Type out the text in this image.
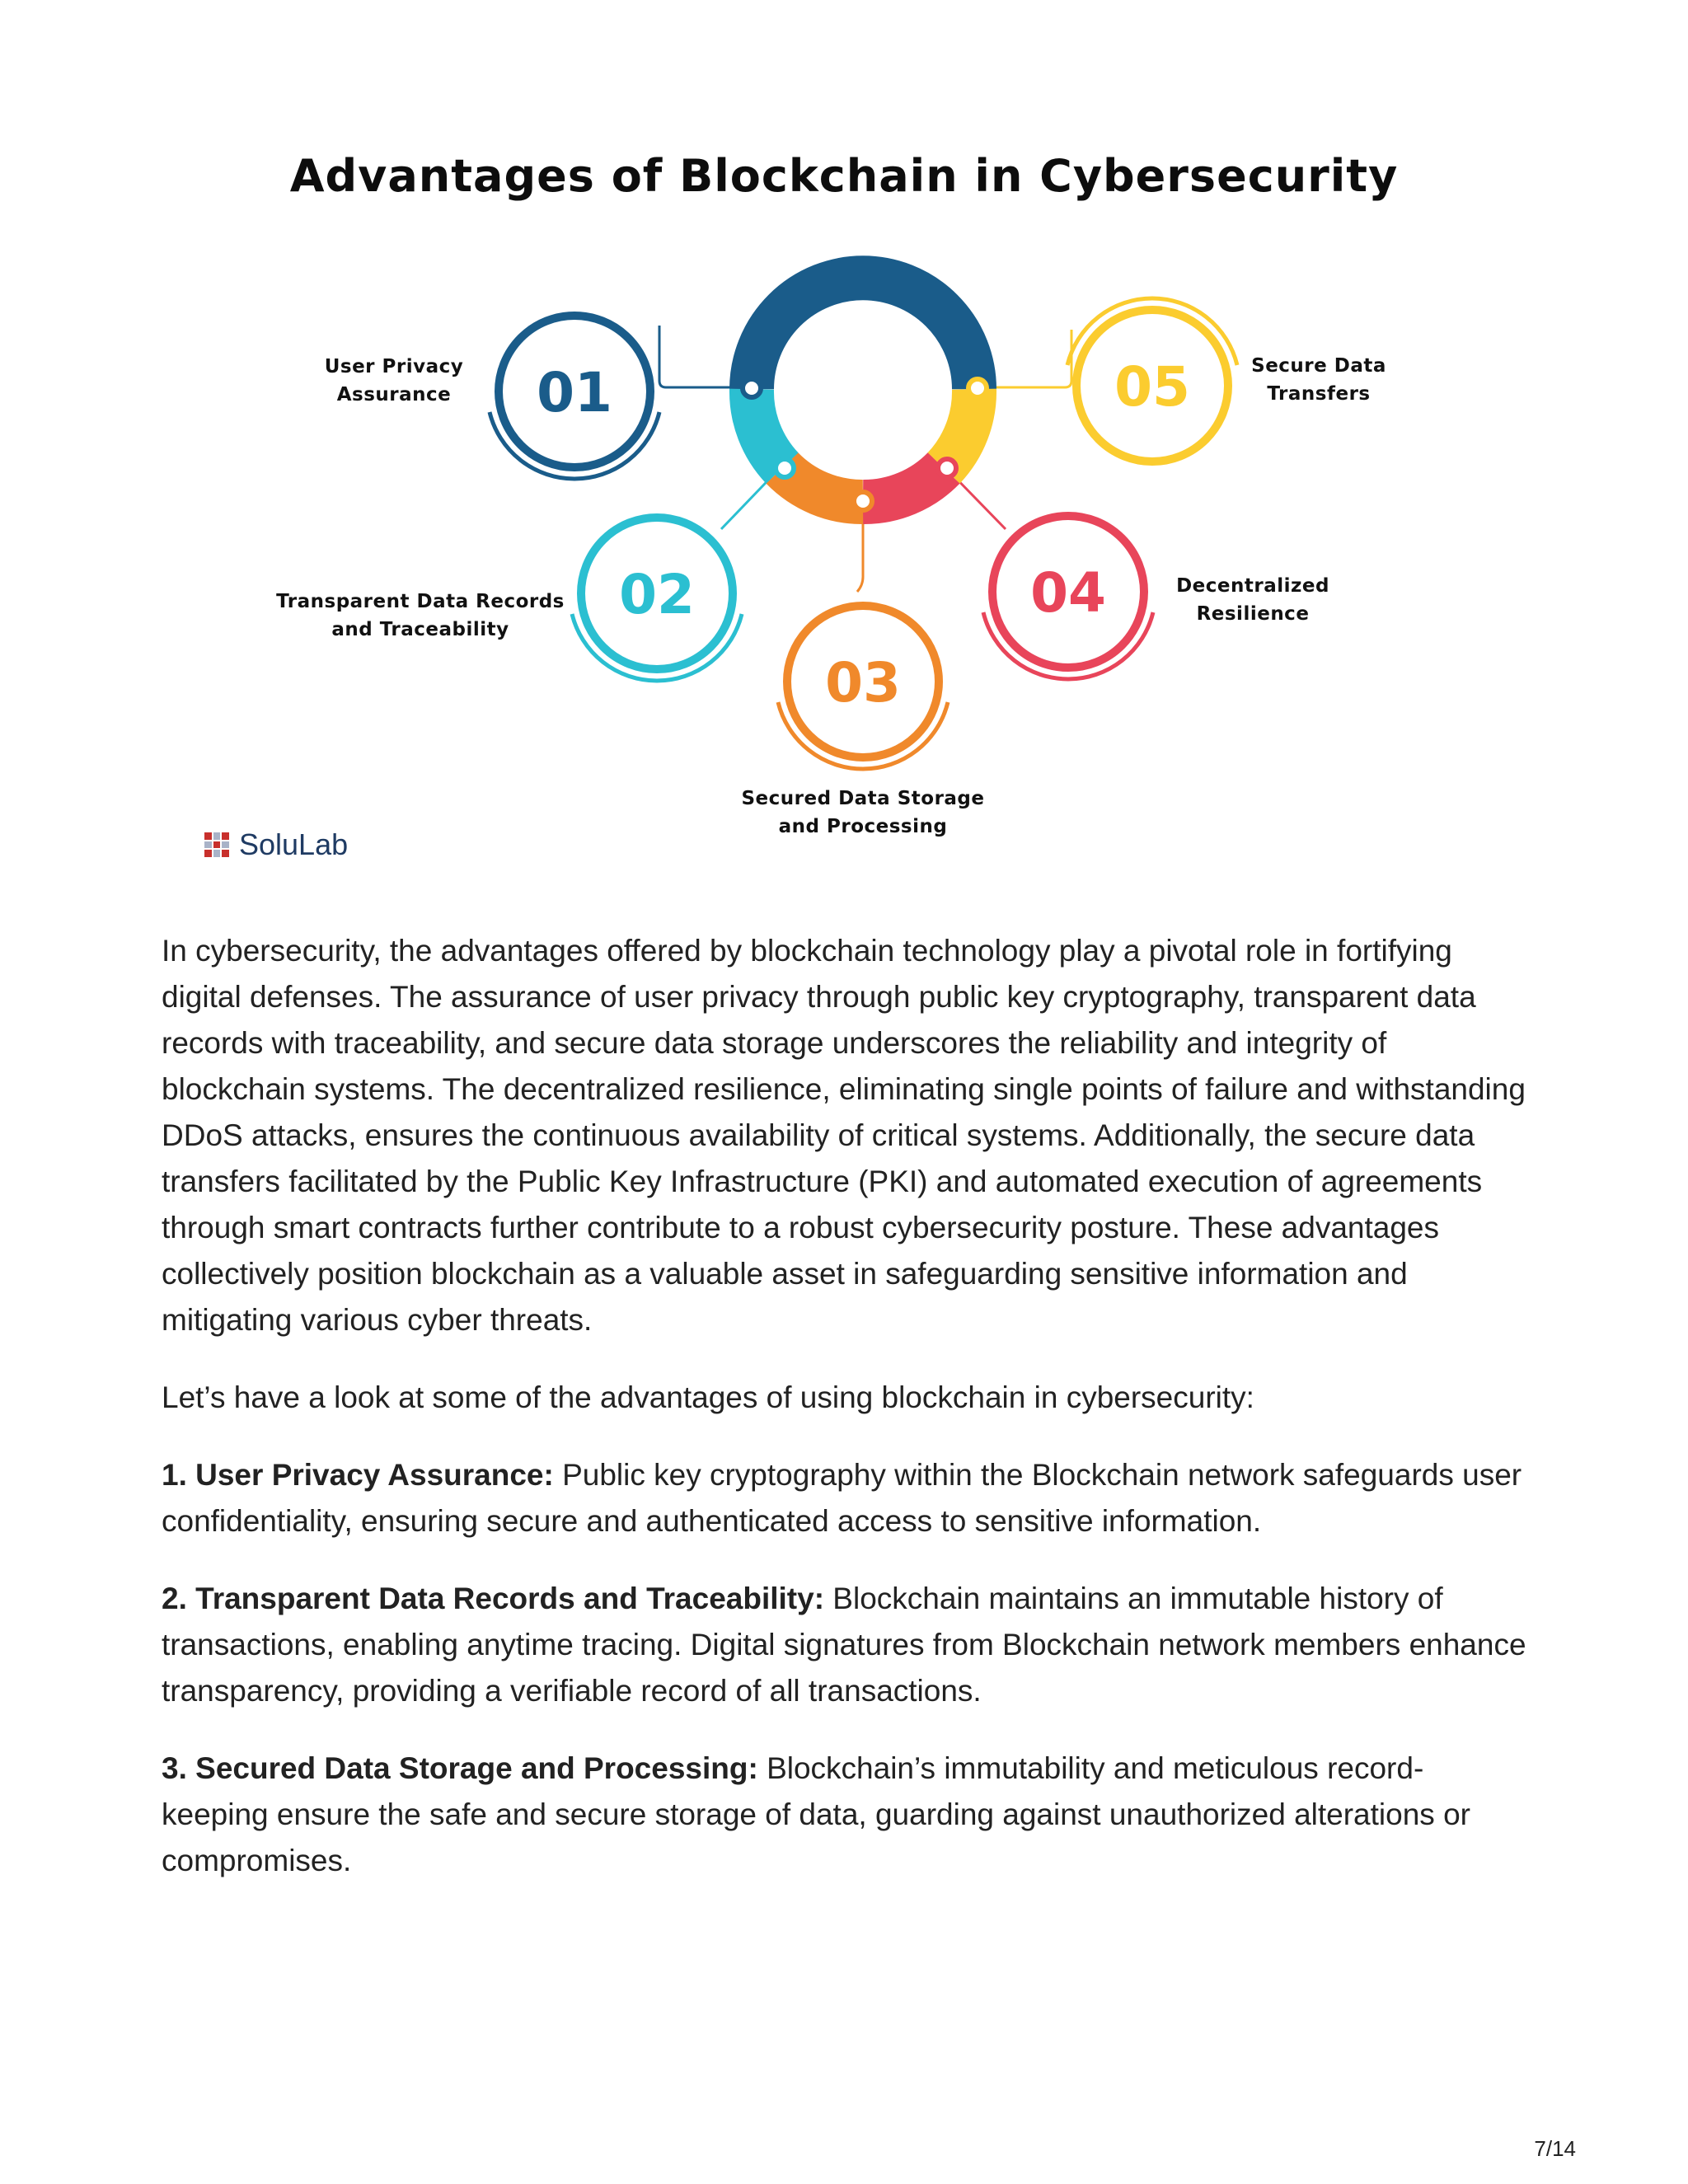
Advantages of Blockchain in Cybersecurity
01
02
03
04
05
User Privacy
Assurance
Transparent Data Records
and Traceability
Secured Data Storage
and Processing
Decentralized
Resilience
Secure Data
Transfers
SoluLab

In cybersecurity, the advantages offered by blockchain technology play a pivotal role in fortifying digital defenses. The assurance of user privacy through public key cryptography, transparent data records with traceability, and secure data storage underscores the reliability and integrity of blockchain systems. The decentralized resilience, eliminating single points of failure and withstanding DDoS attacks, ensures the continuous availability of critical systems. Additionally, the secure data transfers facilitated by the Public Key Infrastructure (PKI) and automated execution of agreements through smart contracts further contribute to a robust cybersecurity posture. These advantages collectively position blockchain as a valuable asset in safeguarding sensitive information and mitigating various cyber threats.

Let’s have a look at some of the advantages of using blockchain in cybersecurity:

1. User Privacy Assurance: Public key cryptography within the Blockchain network safeguards user confidentiality, ensuring secure and authenticated access to sensitive information.

2. Transparent Data Records and Traceability: Blockchain maintains an immutable history of transactions, enabling anytime tracing. Digital signatures from Blockchain network members enhance transparency, providing a verifiable record of all transactions.

3. Secured Data Storage and Processing: Blockchain’s immutability and meticulous record-keeping ensure the safe and secure storage of data, guarding against unauthorized alterations or compromises.

7/14
